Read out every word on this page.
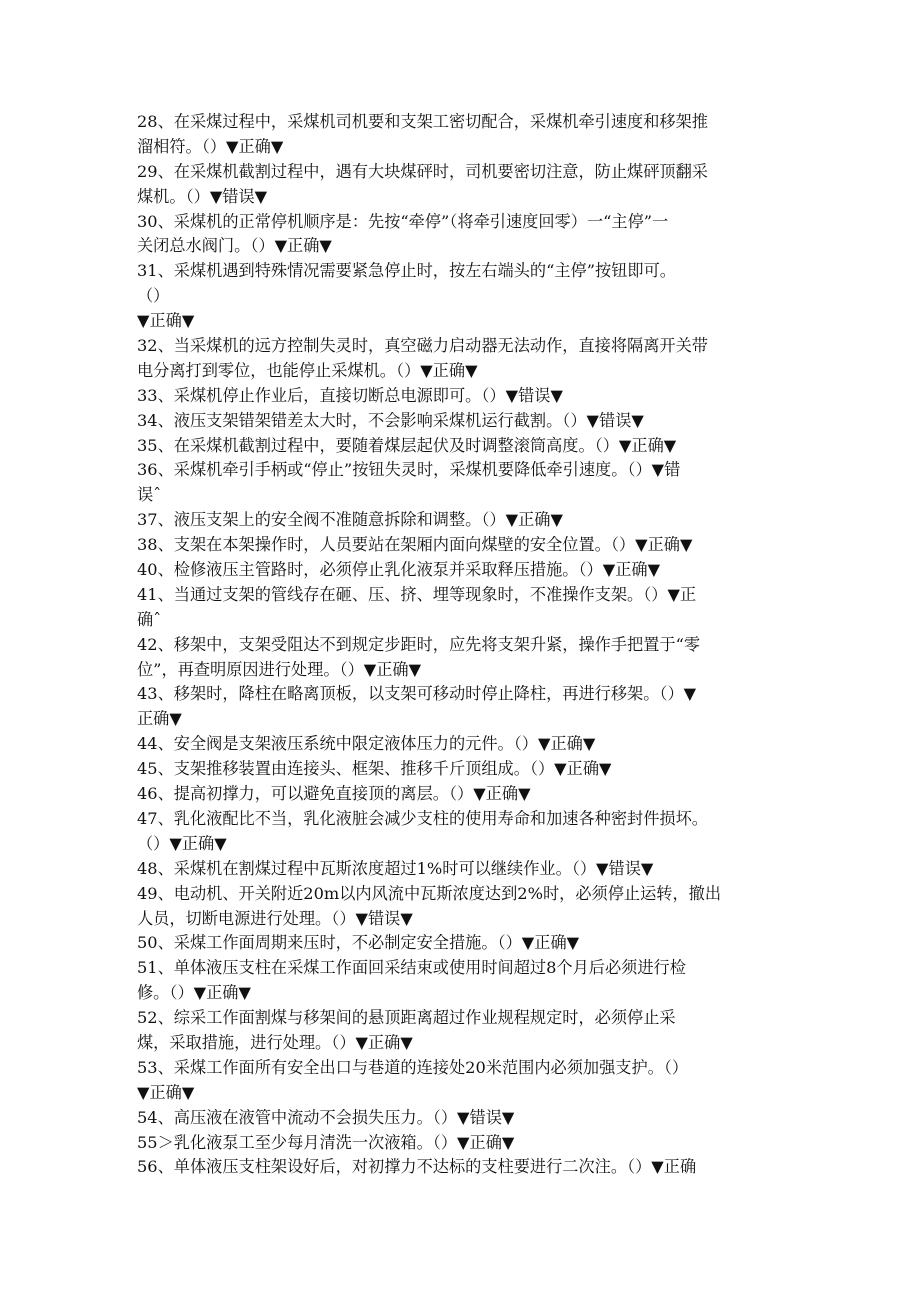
28、在采煤过程中，采煤机司机要和支架工密切配合，采煤机牵引速度和移架推
溜相符。（）▼正确▼
29、在采煤机截割过程中，遇有大块煤砰时，司机要密切注意，防止煤砰顶翻采
煤机。（）▼错误▼
30、采煤机的正常停机顺序是：先按“牵停”（将牵引速度回零）一“主停”一
关闭总水阀门。（）▼正确▼
31、采煤机遇到特殊情况需要紧急停止时，按左右端头的“主停”按钮即可。
（）
▼正确▼
32、当采煤机的远方控制失灵时，真空磁力启动器无法动作，直接将隔离开关带
电分离打到零位，也能停止采煤机。（）▼正确▼
33、采煤机停止作业后，直接切断总电源即可。（）▼错误▼
34、液压支架错架错差太大时，不会影响采煤机运行截割。（）▼错误▼
35、在采煤机截割过程中，要随着煤层起伏及时调整滚筒高度。（）▼正确▼
36、采煤机牵引手柄或“停止”按钮失灵时，采煤机要降低牵引速度。（）▼错
误ˆ
37、液压支架上的安全阀不准随意拆除和调整。（）▼正确▼
38、支架在本架操作时，人员要站在架厢内面向煤壁的安全位置。（）▼正确▼
40、检修液压主管路时，必须停止乳化液泵并采取释压措施。（）▼正确▼
41、当通过支架的管线存在砸、压、挤、埋等现象时，不准操作支架。（）▼正
确ˆ
42、移架中，支架受阻达不到规定步距时，应先将支架升紧，操作手把置于“零
位”，再查明原因进行处理。（）▼正确▼
43、移架时，降柱在略离顶板，以支架可移动时停止降柱，再进行移架。（）▼
正确▼
44、安全阀是支架液压系统中限定液体压力的元件。（）▼正确▼
45、支架推移装置由连接头、框架、推移千斤顶组成。（）▼正确▼
46、提高初撑力，可以避免直接顶的离层。（）▼正确▼
47、乳化液配比不当，乳化液脏会减少支柱的使用寿命和加速各种密封件损坏。
（）▼正确▼
48、采煤机在割煤过程中瓦斯浓度超过1%时可以继续作业。（）▼错误▼
49、电动机、开关附近20m以内风流中瓦斯浓度达到2%时，必须停止运转，撤出
人员，切断电源进行处理。（）▼错误▼
50、采煤工作面周期来压时，不必制定安全措施。（）▼正确▼
51、单体液压支柱在采煤工作面回采结束或使用时间超过8个月后必须进行检
修。（）▼正确▼
52、综采工作面割煤与移架间的悬顶距离超过作业规程规定时，必须停止采
煤，采取措施，进行处理。（）▼正确▼
53、采煤工作面所有安全出口与巷道的连接处20米范围内必须加强支护。（）
▼正确▼
54、高压液在液管中流动不会损失压力。（）▼错误▼
55＞乳化液泵工至少每月清洗一次液箱。（）▼正确▼
56、单体液压支柱架设好后，对初撑力不达标的支柱要进行二次注。（）▼正确
